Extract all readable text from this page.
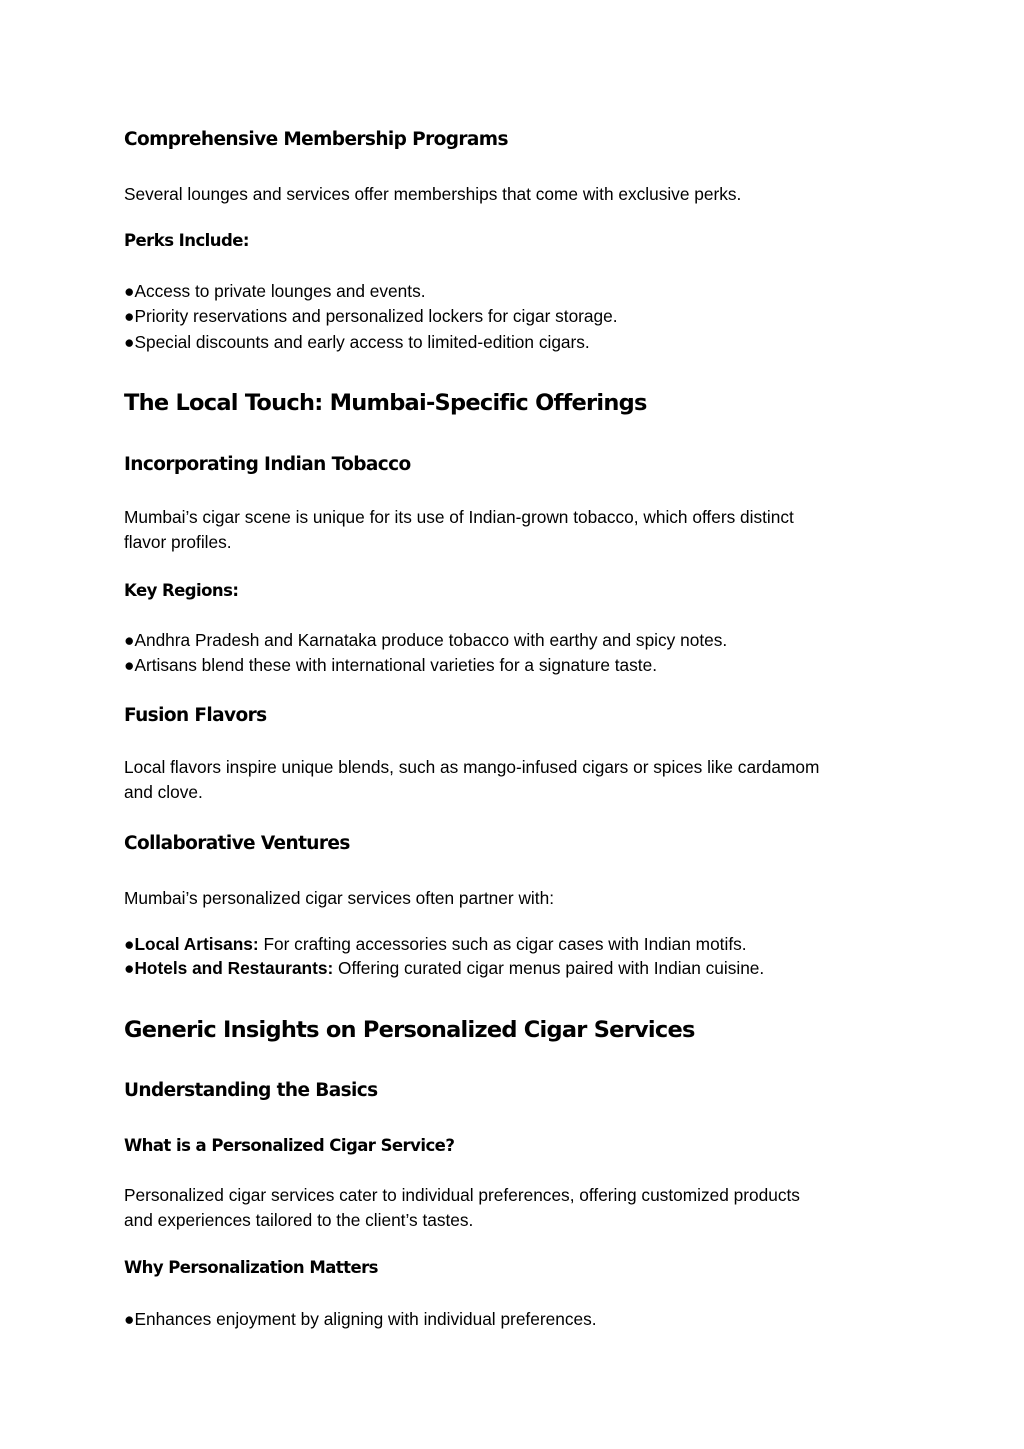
Comprehensive Membership Programs
Several lounges and services offer memberships that come with exclusive perks.
Perks Include:
●Access to private lounges and events.
●Priority reservations and personalized lockers for cigar storage.
●Special discounts and early access to limited-edition cigars.
The Local Touch: Mumbai-Specific Offerings
Incorporating Indian Tobacco
Mumbai’s cigar scene is unique for its use of Indian-grown tobacco, which offers distinct
flavor profiles.
Key Regions:
●Andhra Pradesh and Karnataka produce tobacco with earthy and spicy notes.
●Artisans blend these with international varieties for a signature taste.
Fusion Flavors
Local flavors inspire unique blends, such as mango-infused cigars or spices like cardamom
and clove.
Collaborative Ventures
Mumbai’s personalized cigar services often partner with:
●Local Artisans: For crafting accessories such as cigar cases with Indian motifs.
●Hotels and Restaurants: Offering curated cigar menus paired with Indian cuisine.
Generic Insights on Personalized Cigar Services
Understanding the Basics
What is a Personalized Cigar Service?
Personalized cigar services cater to individual preferences, offering customized products
and experiences tailored to the client’s tastes.
Why Personalization Matters
●Enhances enjoyment by aligning with individual preferences.
